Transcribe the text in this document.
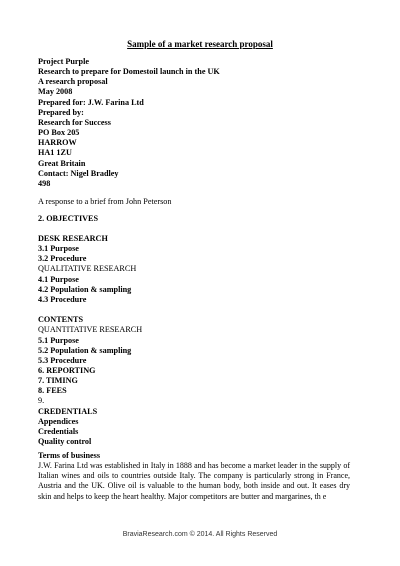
Sample of a market research proposal
Project Purple
Research to prepare for Domestoil launch in the UK
A research proposal
May 2008
Prepared for: J.W. Farina Ltd
Prepared by:
Research for Success
PO Box 205
HARROW
HA1 1ZU
Great Britain
Contact: Nigel Bradley
498
A response to a brief from John Peterson
2. OBJECTIVES
DESK RESEARCH
3.1 Purpose
3.2 Procedure
QUALITATIVE RESEARCH
4.1 Purpose
4.2 Population & sampling
4.3 Procedure
CONTENTS
QUANTITATIVE RESEARCH
5.1 Purpose
5.2 Population & sampling
5.3 Procedure
6. REPORTING
7. TIMING
8. FEES
9.
CREDENTIALS
Appendices
Credentials
Quality control
Terms of business
J.W. Farina Ltd was established in Italy in 1888 and has become a market leader in the supply of Italian wines and oils to countries outside Italy. The company is particularly strong in France, Austria and the UK. Olive oil is valuable to the human body, both inside and out. It eases dry skin and helps to keep the heart healthy. Major competitors are butter and margarines, th e
BraviaResearch.com © 2014. All Rights Reserved
